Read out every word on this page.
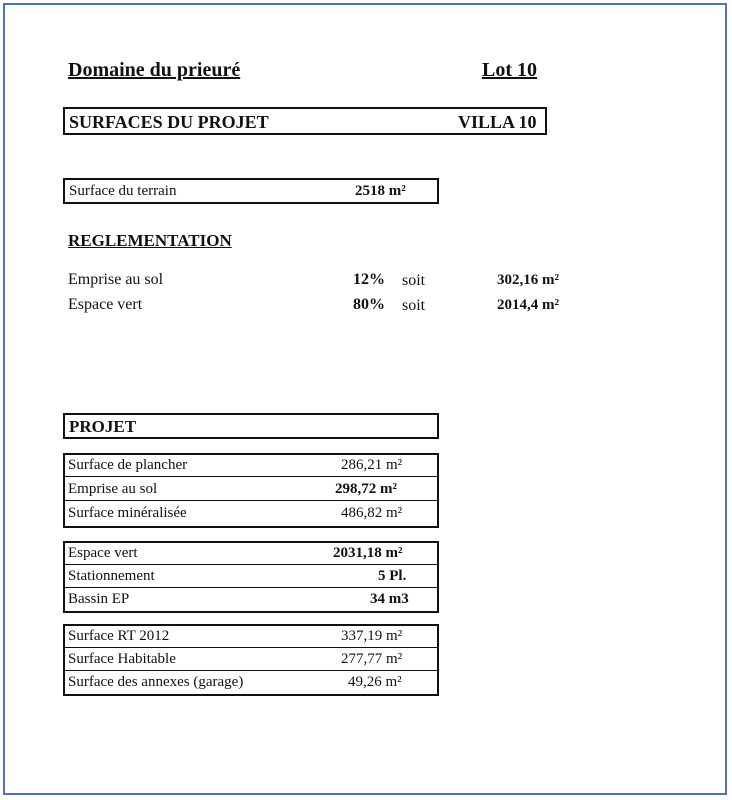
Domaine du prieuré	Lot 10
SURFACES DU PROJET	VILLA 10
Surface du terrain	2518 m²
REGLEMENTATION
Emprise au sol	12% soit	302,16 m²
Espace vert	80% soit	2014,4 m²
PROJET
Surface de plancher	286,21 m²
Emprise au sol	298,72 m²
Surface minéralisée	486,82 m²
Espace vert	2031,18 m²
Stationnement	5 Pl.
Bassin EP	34 m3
Surface RT 2012	337,19 m²
Surface Habitable	277,77 m²
Surface des annexes (garage)	49,26 m²
